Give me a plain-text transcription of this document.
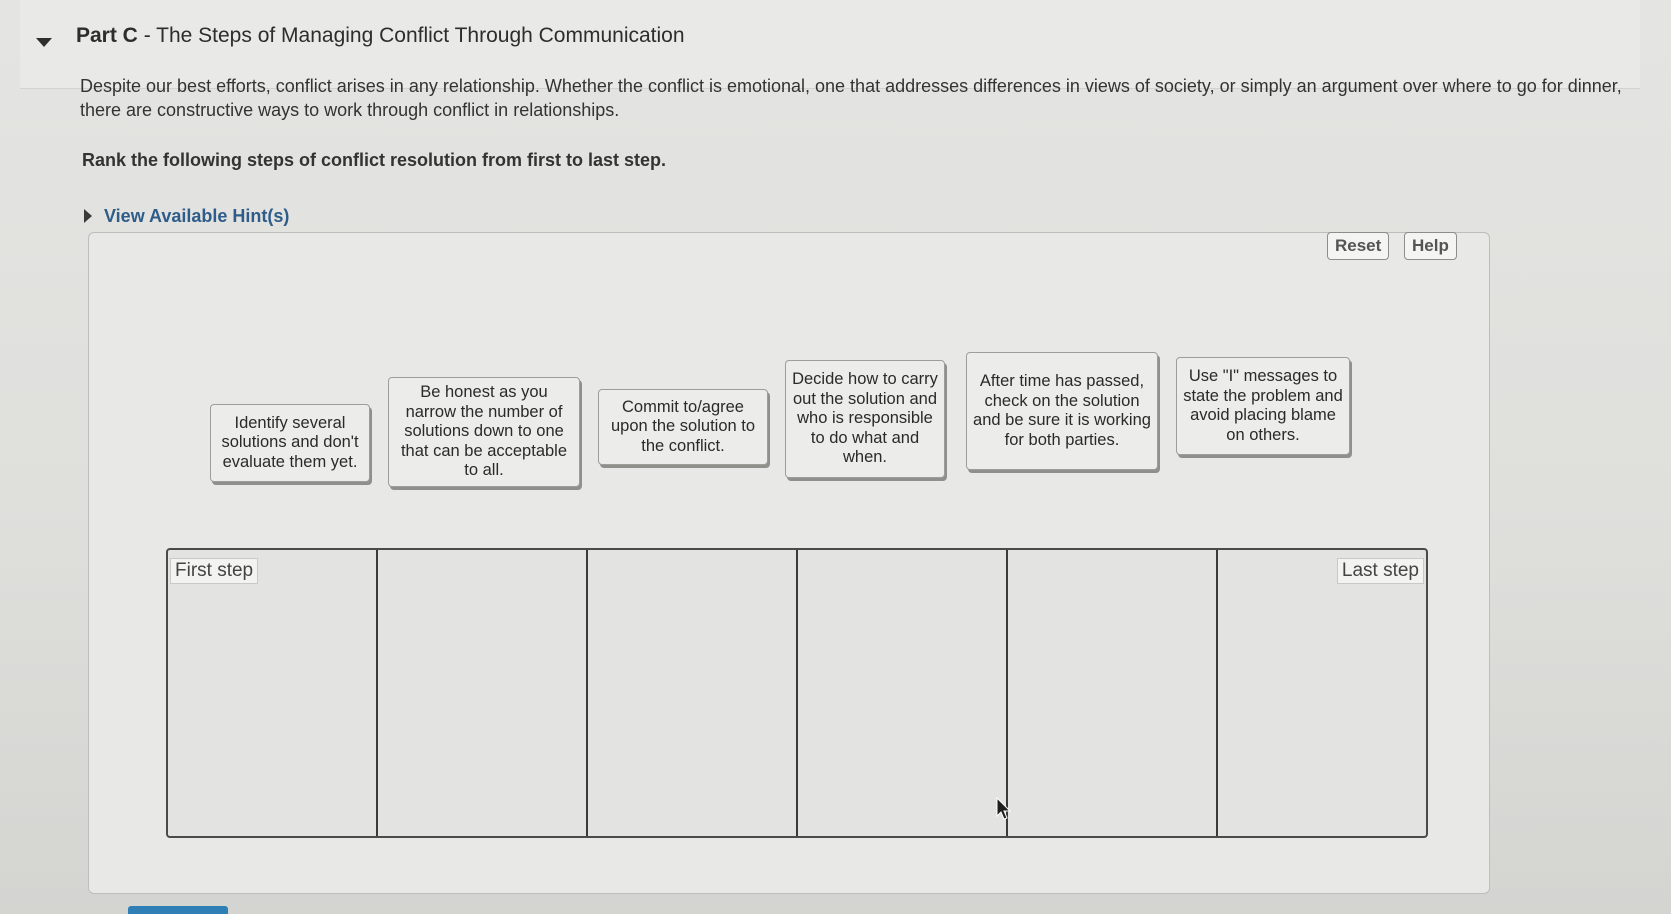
Part C - The Steps of Managing Conflict Through Communication
Despite our best efforts, conflict arises in any relationship. Whether the conflict is emotional, one that addresses differences in views of society, or simply an argument over where to go for dinner, there are constructive ways to work through conflict in relationships.
Rank the following steps of conflict resolution from first to last step.
View Available Hint(s)
Reset	Help
Identify several solutions and don't evaluate them yet.
Be honest as you narrow the number of solutions down to one that can be acceptable to all.
Commit to/agree upon the solution to the conflict.
Decide how to carry out the solution and who is responsible to do what and when.
After time has passed, check on the solution and be sure it is working for both parties.
Use "I" messages to state the problem and avoid placing blame on others.
First step	Last step
